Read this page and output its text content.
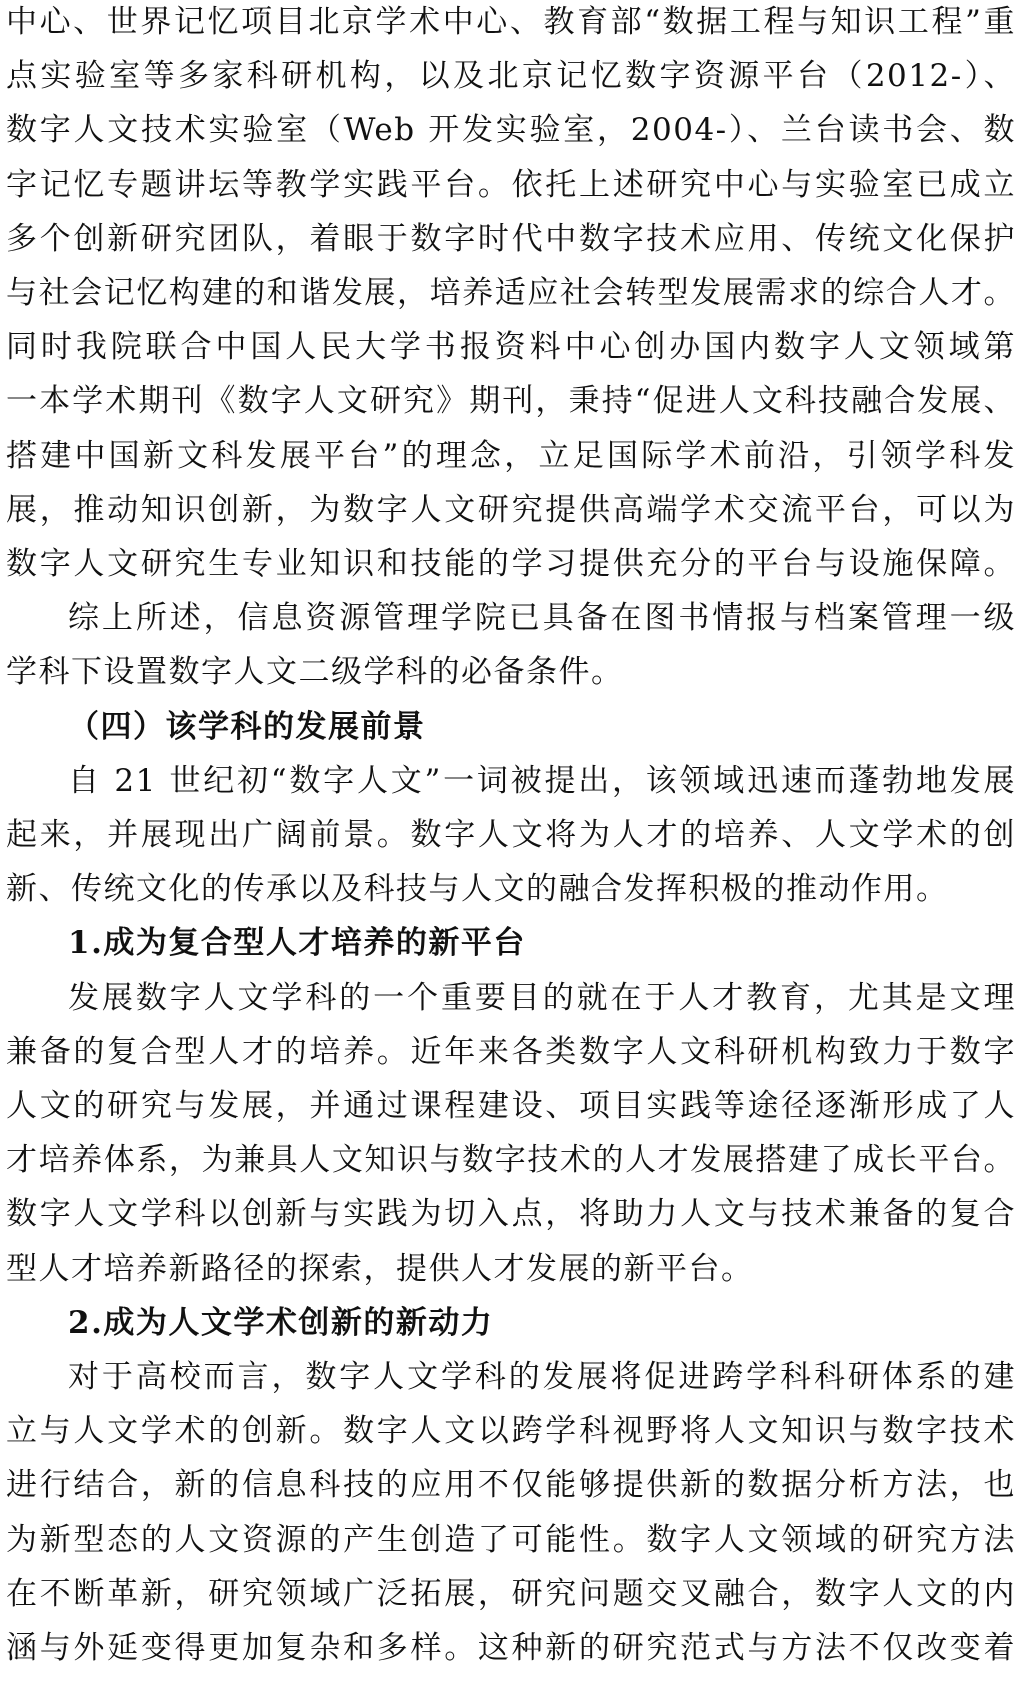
中心、世界记忆项目北京学术中心、教育部“数据工程与知识工程”重
点实验室等多家科研机构，以及北京记忆数字资源平台（2012-）、
数字人文技术实验室（Web 开发实验室，2004-）、兰台读书会、数
字记忆专题讲坛等教学实践平台。依托上述研究中心与实验室已成立
多个创新研究团队，着眼于数字时代中数字技术应用、传统文化保护
与社会记忆构建的和谐发展，培养适应社会转型发展需求的综合人才。
同时我院联合中国人民大学书报资料中心创办国内数字人文领域第
一本学术期刊《数字人文研究》期刊，秉持“促进人文科技融合发展、
搭建中国新文科发展平台”的理念，立足国际学术前沿，引领学科发
展，推动知识创新，为数字人文研究提供高端学术交流平台，可以为
数字人文研究生专业知识和技能的学习提供充分的平台与设施保障。
综上所述，信息资源管理学院已具备在图书情报与档案管理一级
学科下设置数字人文二级学科的必备条件。
（四）该学科的发展前景
自 21 世纪初“数字人文”一词被提出，该领域迅速而蓬勃地发展
起来，并展现出广阔前景。数字人文将为人才的培养、人文学术的创
新、传统文化的传承以及科技与人文的融合发挥积极的推动作用。
1.成为复合型人才培养的新平台
发展数字人文学科的一个重要目的就在于人才教育，尤其是文理
兼备的复合型人才的培养。近年来各类数字人文科研机构致力于数字
人文的研究与发展，并通过课程建设、项目实践等途径逐渐形成了人
才培养体系，为兼具人文知识与数字技术的人才发展搭建了成长平台。
数字人文学科以创新与实践为切入点，将助力人文与技术兼备的复合
型人才培养新路径的探索，提供人才发展的新平台。
2.成为人文学术创新的新动力
对于高校而言，数字人文学科的发展将促进跨学科科研体系的建
立与人文学术的创新。数字人文以跨学科视野将人文知识与数字技术
进行结合，新的信息科技的应用不仅能够提供新的数据分析方法，也
为新型态的人文资源的产生创造了可能性。数字人文领域的研究方法
在不断革新，研究领域广泛拓展，研究问题交叉融合，数字人文的内
涵与外延变得更加复杂和多样。这种新的研究范式与方法不仅改变着
